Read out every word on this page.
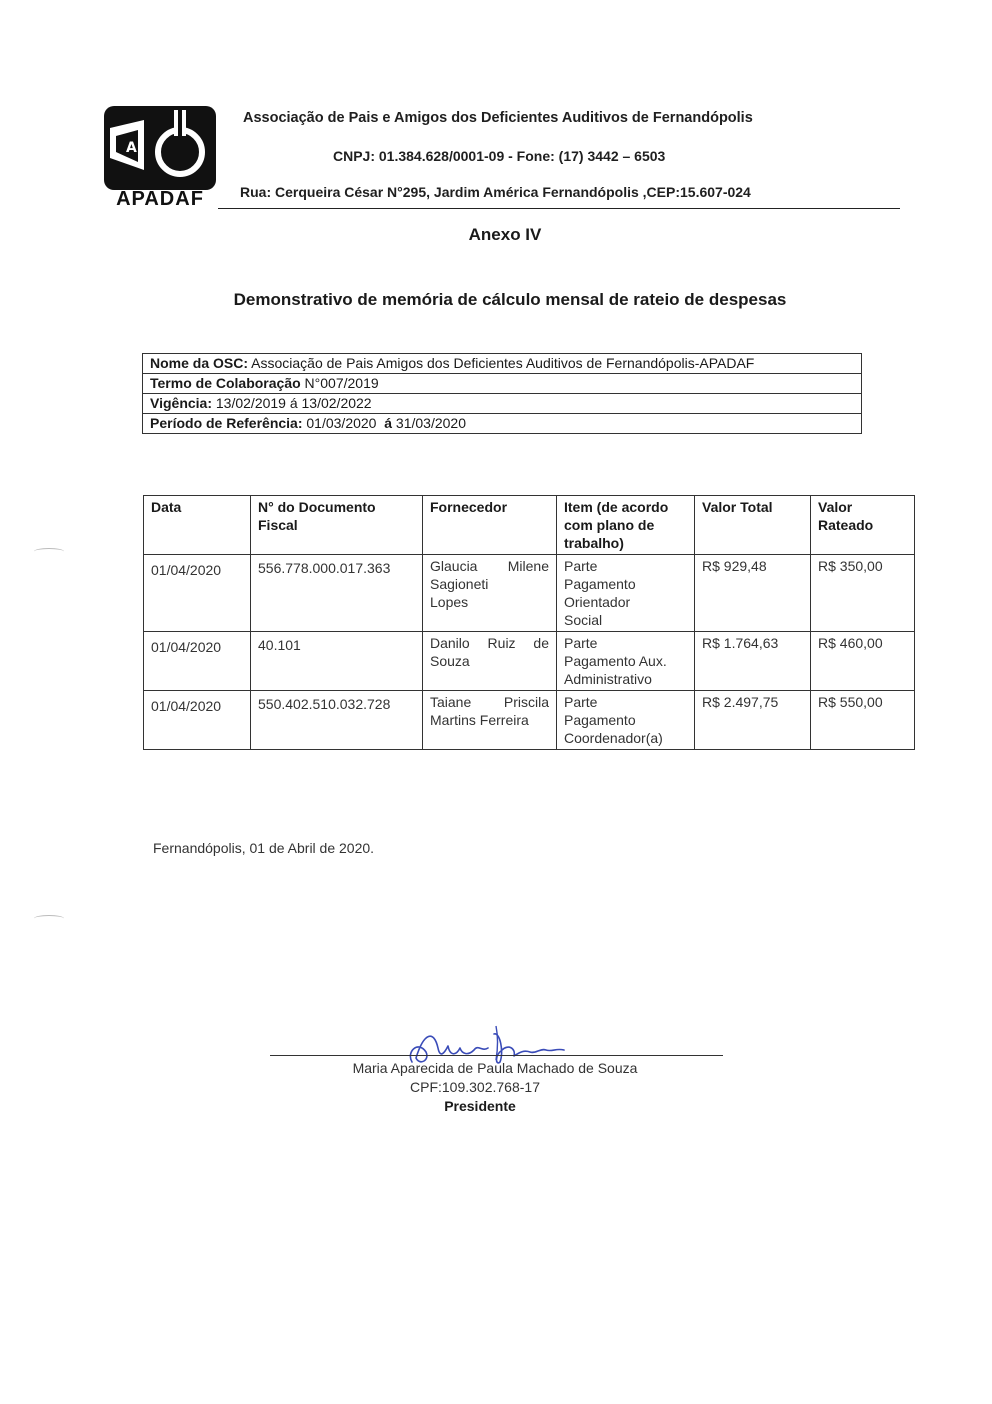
A
APADAF
Associação de Pais e Amigos dos Deficientes Auditivos de Fernandópolis
CNPJ: 01.384.628/0001-09 - Fone: (17) 3442 – 6503
Rua: Cerqueira César N°295, Jardim América Fernandópolis ,CEP:15.607-024
Anexo IV
Demonstrativo de memória de cálculo mensal de rateio de despesas
Nome da OSC: Associação de Pais Amigos dos Deficientes Auditivos de Fernandópolis-APADAF
Termo de Colaboração N°007/2019
Vigência: 13/02/2019 á 13/02/2022
Período de Referência: 01/03/2020 á 31/03/2020
Data	N° do Documento Fiscal	Fornecedor	Item (de acordo com plano de trabalho)	Valor Total	Valor Rateado
01/04/2020	556.778.000.017.363	Glaucia Milene
Sagioneti
Lopes	Parte
Pagamento
Orientador
Social	R$ 929,48	R$ 350,00
01/04/2020	40.101	Danilo Ruiz de
Souza	Parte
Pagamento Aux.
Administrativo	R$ 1.764,63	R$ 460,00
01/04/2020	550.402.510.032.728	Taiane Priscila
Martins Ferreira	Parte
Pagamento
Coordenador(a)	R$ 2.497,75	R$ 550,00
Fernandópolis, 01 de Abril de 2020.
Maria Aparecida de Paula Machado de Souza
CPF:109.302.768-17
Presidente
